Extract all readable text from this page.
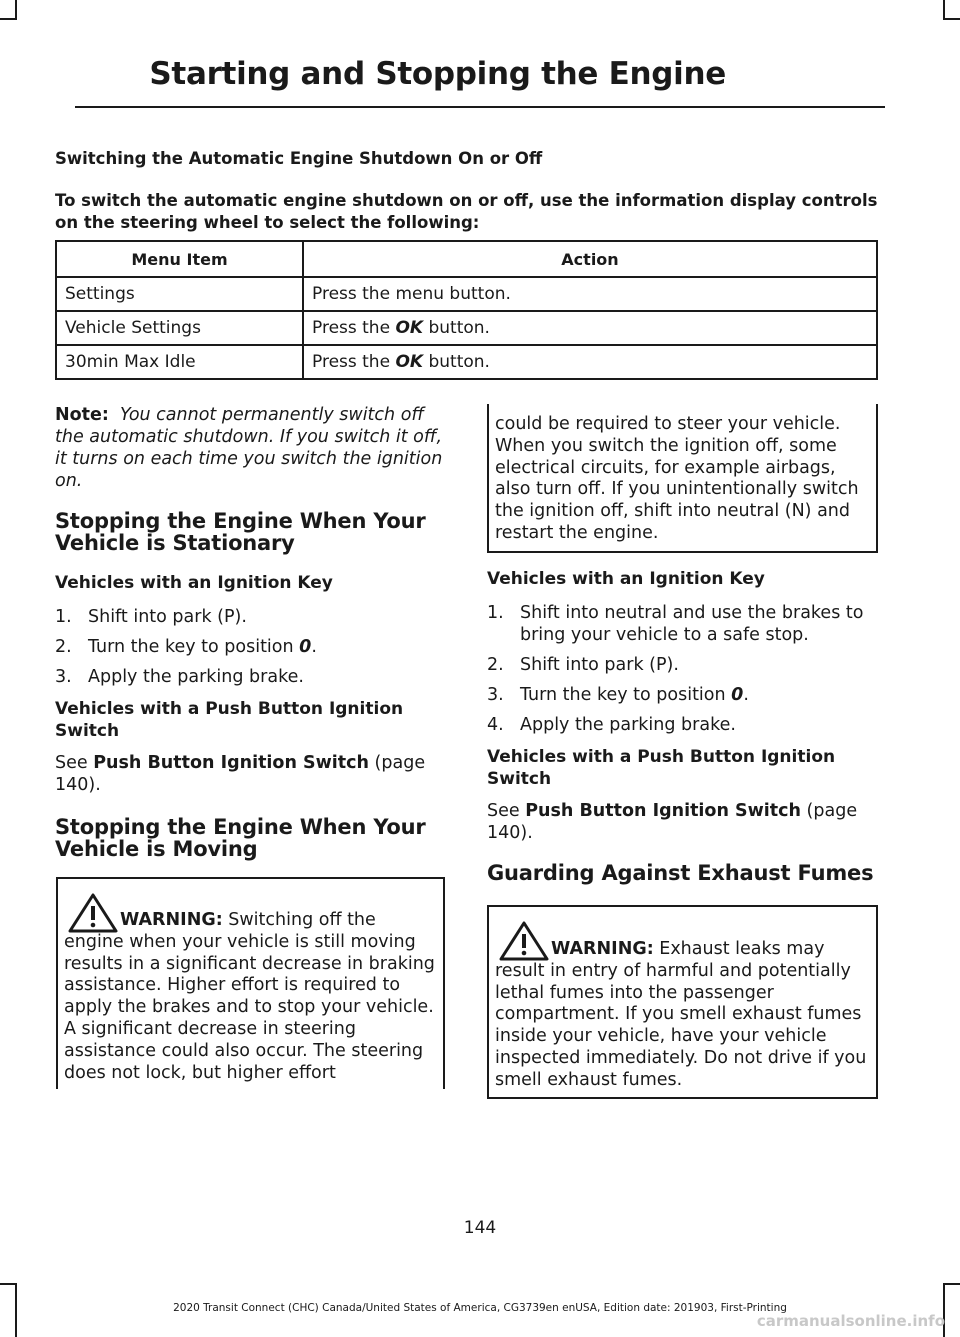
Starting and Stopping the Engine
Switching the Automatic Engine Shutdown On or Off
To switch the automatic engine shutdown on or off, use the information display controls on the steering wheel to select the following:
Menu Item	Action
Settings	Press the menu button.
Vehicle Settings	Press the OK button.
30min Max Idle	Press the OK button.

Note: You cannot permanently switch off the automatic shutdown. If you switch it off, it turns on each time you switch the ignition on.

Stopping the Engine When Your Vehicle is Stationary
Vehicles with an Ignition Key
1. Shift into park (P).
2. Turn the key to position 0.
3. Apply the parking brake.
Vehicles with a Push Button Ignition Switch

See Push Button Ignition Switch (page 140).

Stopping the Engine When Your Vehicle is Moving
WARNING: Switching off the engine when your vehicle is still moving results in a significant decrease in braking assistance. Higher effort is required to apply the brakes and to stop your vehicle. A significant decrease in steering assistance could also occur. The steering does not lock, but higher effort
could be required to steer your vehicle. When you switch the ignition off, some electrical circuits, for example airbags, also turn off. If you unintentionally switch the ignition off, shift into neutral (N) and restart the engine.
Vehicles with an Ignition Key
1. Shift into neutral and use the brakes to bring your vehicle to a safe stop.
2. Shift into park (P).
3. Turn the key to position 0.
4. Apply the parking brake.
Vehicles with a Push Button Ignition Switch

See Push Button Ignition Switch (page 140).

Guarding Against Exhaust Fumes
WARNING: Exhaust leaks may result in entry of harmful and potentially lethal fumes into the passenger compartment. If you smell exhaust fumes inside your vehicle, have your vehicle inspected immediately. Do not drive if you smell exhaust fumes.
144
2020 Transit Connect (CHC) Canada/United States of America, CG3739en enUSA, Edition date: 201903, First-Printing
carmanualsonline.info
